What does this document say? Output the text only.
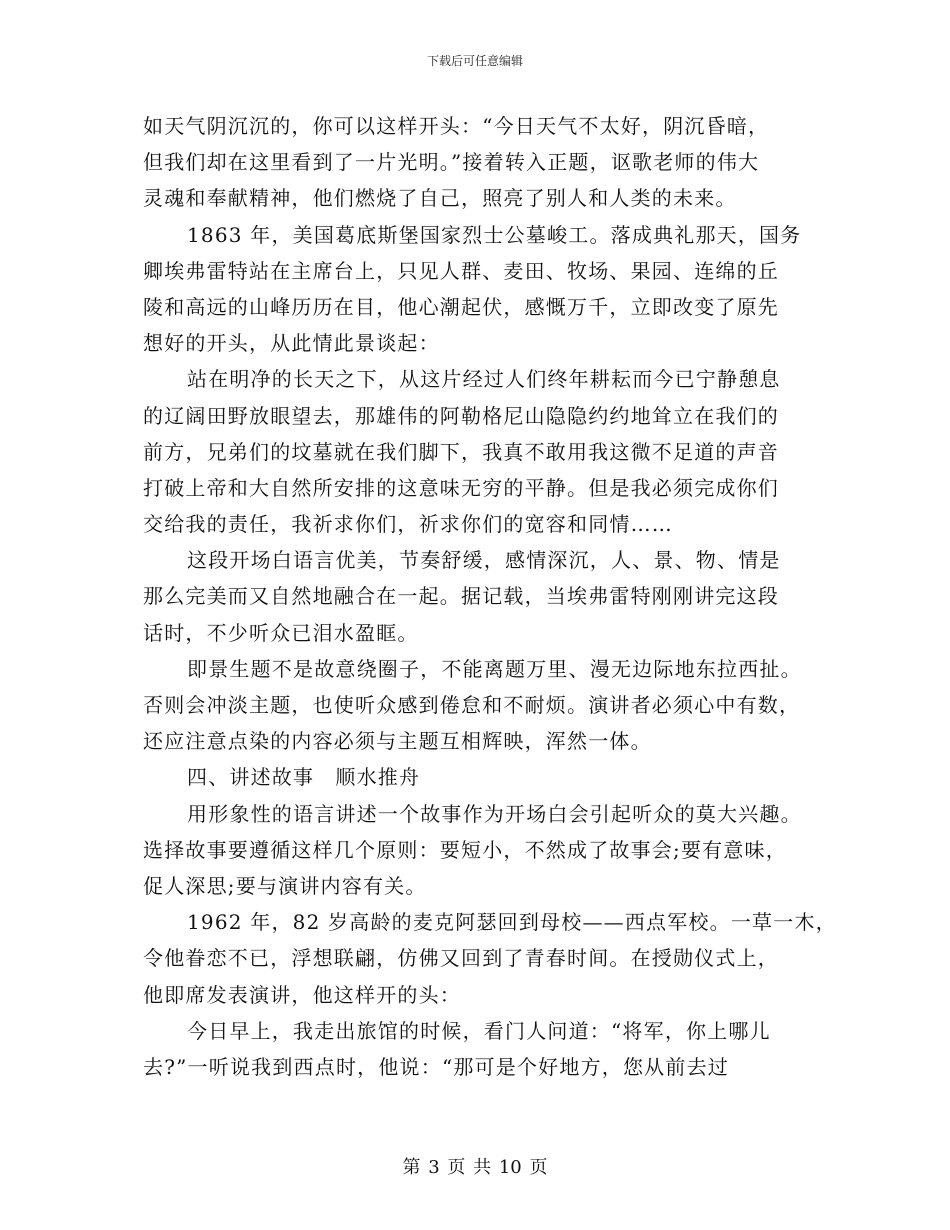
下载后可任意编辑
如天气阴沉沉的，你可以这样开头：“今日天气不太好，阴沉昏暗，
但我们却在这里看到了一片光明。”接着转入正题，讴歌老师的伟大
灵魂和奉献精神，他们燃烧了自己，照亮了别人和人类的未来。
1863 年，美国葛底斯堡国家烈士公墓峻工。落成典礼那天，国务
卿埃弗雷特站在主席台上，只见人群、麦田、牧场、果园、连绵的丘
陵和高远的山峰历历在目，他心潮起伏，感慨万千，立即改变了原先
想好的开头，从此情此景谈起：
站在明净的长天之下，从这片经过人们终年耕耘而今已宁静憩息
的辽阔田野放眼望去，那雄伟的阿勒格尼山隐隐约约地耸立在我们的
前方，兄弟们的坟墓就在我们脚下，我真不敢用我这微不足道的声音
打破上帝和大自然所安排的这意味无穷的平静。但是我必须完成你们
交给我的责任，我祈求你们，祈求你们的宽容和同情……
这段开场白语言优美，节奏舒缓，感情深沉，人、景、物、情是
那么完美而又自然地融合在一起。据记载，当埃弗雷特刚刚讲完这段
话时，不少听众已泪水盈眶。
即景生题不是故意绕圈子，不能离题万里、漫无边际地东拉西扯。
否则会冲淡主题，也使听众感到倦怠和不耐烦。演讲者必须心中有数，
还应注意点染的内容必须与主题互相辉映，浑然一体。
四、讲述故事　顺水推舟
用形象性的语言讲述一个故事作为开场白会引起听众的莫大兴趣。
选择故事要遵循这样几个原则：要短小，不然成了故事会;要有意味，
促人深思;要与演讲内容有关。
1962 年，82 岁高龄的麦克阿瑟回到母校——西点军校。一草一木，
令他眷恋不已，浮想联翩，仿佛又回到了青春时间。在授勋仪式上，
他即席发表演讲，他这样开的头：
今日早上，我走出旅馆的时候，看门人问道：“将军，你上哪儿
去?”一听说我到西点时，他说：“那可是个好地方，您从前去过
第 3 页 共 10 页
